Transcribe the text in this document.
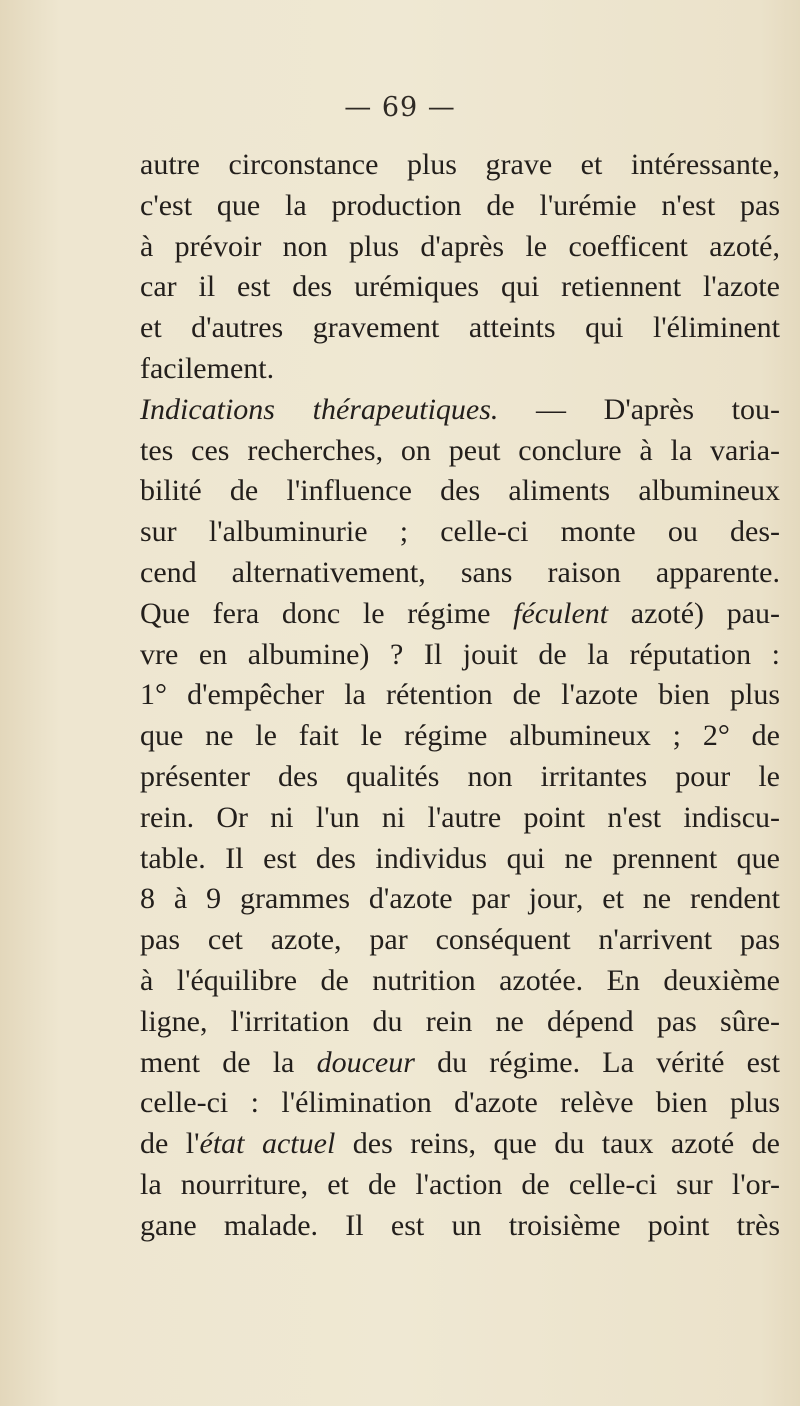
— 69 —
autre circonstance plus grave et intéressante,
c'est que la production de l'urémie n'est pas
à prévoir non plus d'après le coefficent azoté,
car il est des urémiques qui retiennent l'azote
et d'autres gravement atteints qui l'éliminent
facilement.
Indications thérapeutiques. — D'après tou-
tes ces recherches, on peut conclure à la varia-
bilité de l'influence des aliments albumineux
sur l'albuminurie ; celle-ci monte ou des-
cend alternativement, sans raison apparente.
Que fera donc le régime féculent azoté) pau-
vre en albumine) ? Il jouit de la réputation :
1° d'empêcher la rétention de l'azote bien plus
que ne le fait le régime albumineux ; 2° de
présenter des qualités non irritantes pour le
rein. Or ni l'un ni l'autre point n'est indiscu-
table. Il est des individus qui ne prennent que
8 à 9 grammes d'azote par jour, et ne rendent
pas cet azote, par conséquent n'arrivent pas
à l'équilibre de nutrition azotée. En deuxième
ligne, l'irritation du rein ne dépend pas sûre-
ment de la douceur du régime. La vérité est
celle-ci : l'élimination d'azote relève bien plus
de l'état actuel des reins, que du taux azoté de
la nourriture, et de l'action de celle-ci sur l'or-
gane malade. Il est un troisième point très
